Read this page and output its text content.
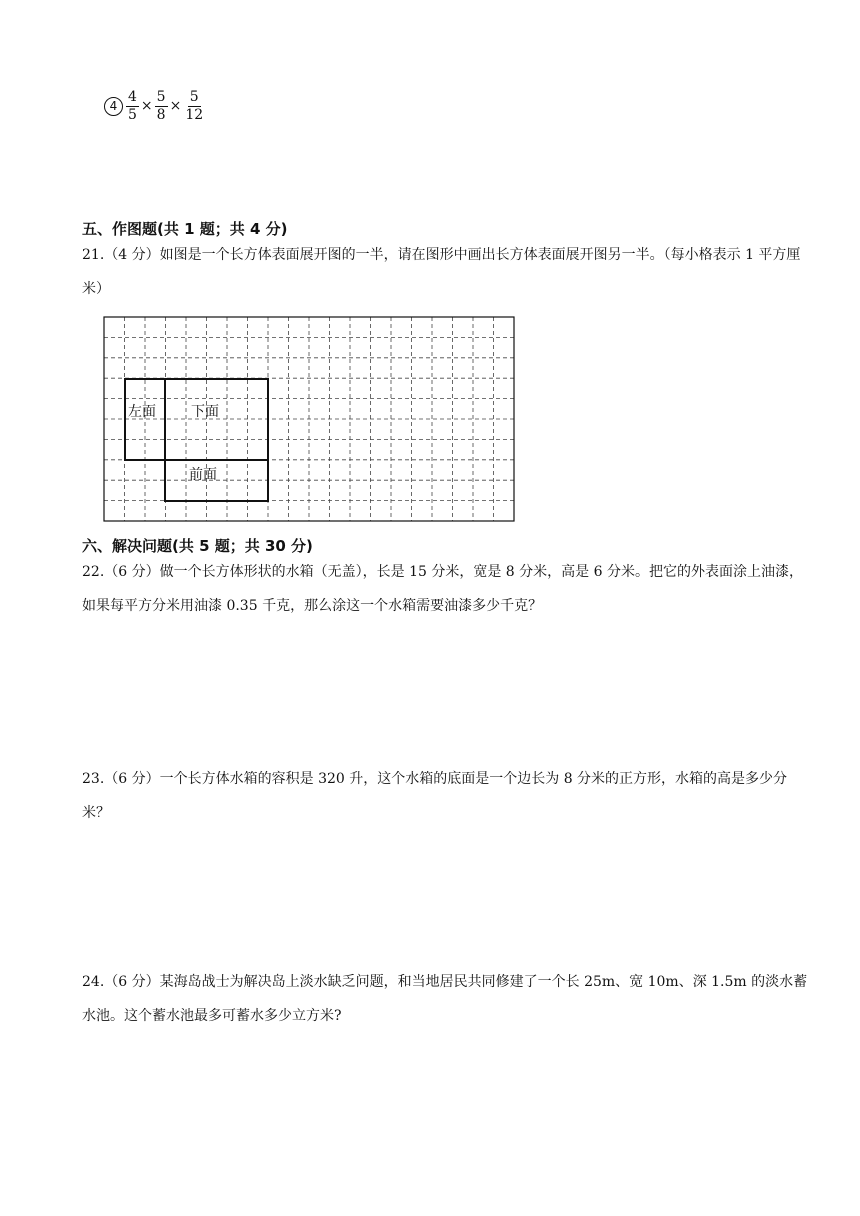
$4 \frac{4}{5} \times \frac{5}{8} \times \frac{5}{12}$
五、作图题(共 1 题；共 4 分)
21.（4 分）如图是一个长方体表面展开图的一半，请在图形中画出长方体表面展开图另一半。（每小格表示 1 平方厘米）
左面	下面
前面
六、解决问题(共 5 题；共 30 分)
22.（6 分）做一个长方体形状的水箱（无盖），长是 15 分米，宽是 8 分米，高是 6 分米。把它的外表面涂上油漆，如果每平方分米用油漆 0.35 千克，那么涂这一个水箱需要油漆多少千克？
23.（6 分）一个长方体水箱的容积是 320 升，这个水箱的底面是一个边长为 8 分米的正方形，水箱的高是多少分米？
24.（6 分）某海岛战士为解决岛上淡水缺乏问题，和当地居民共同修建了一个长 25m、宽 10m、深 1.5m 的淡水蓄水池。这个蓄水池最多可蓄水多少立方米?
